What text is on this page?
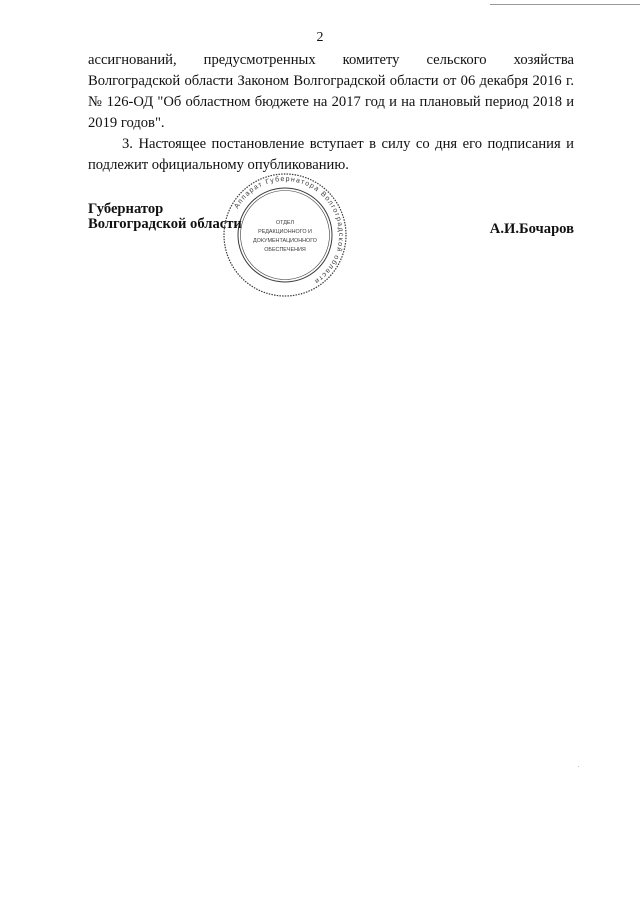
2

ассигнований, предусмотренных комитету сельского хозяйства Волгоградской области Законом Волгоградской области от 06 декабря 2016 г. № 126-ОД "Об областном бюджете на 2017 год и на плановый период 2018 и 2019 годов".

3. Настоящее постановление вступает в силу со дня его подписания и подлежит официальному опубликованию.

Аппарат Губернатора Волгоградской области
ОТДЕЛ
РЕДАКЦИОННОГО И
ДОКУМЕНТАЦИОННОГО
ОБЕСПЕЧЕНИЯ
Губернатор
Волгоградской области	А.И.Бочаров
